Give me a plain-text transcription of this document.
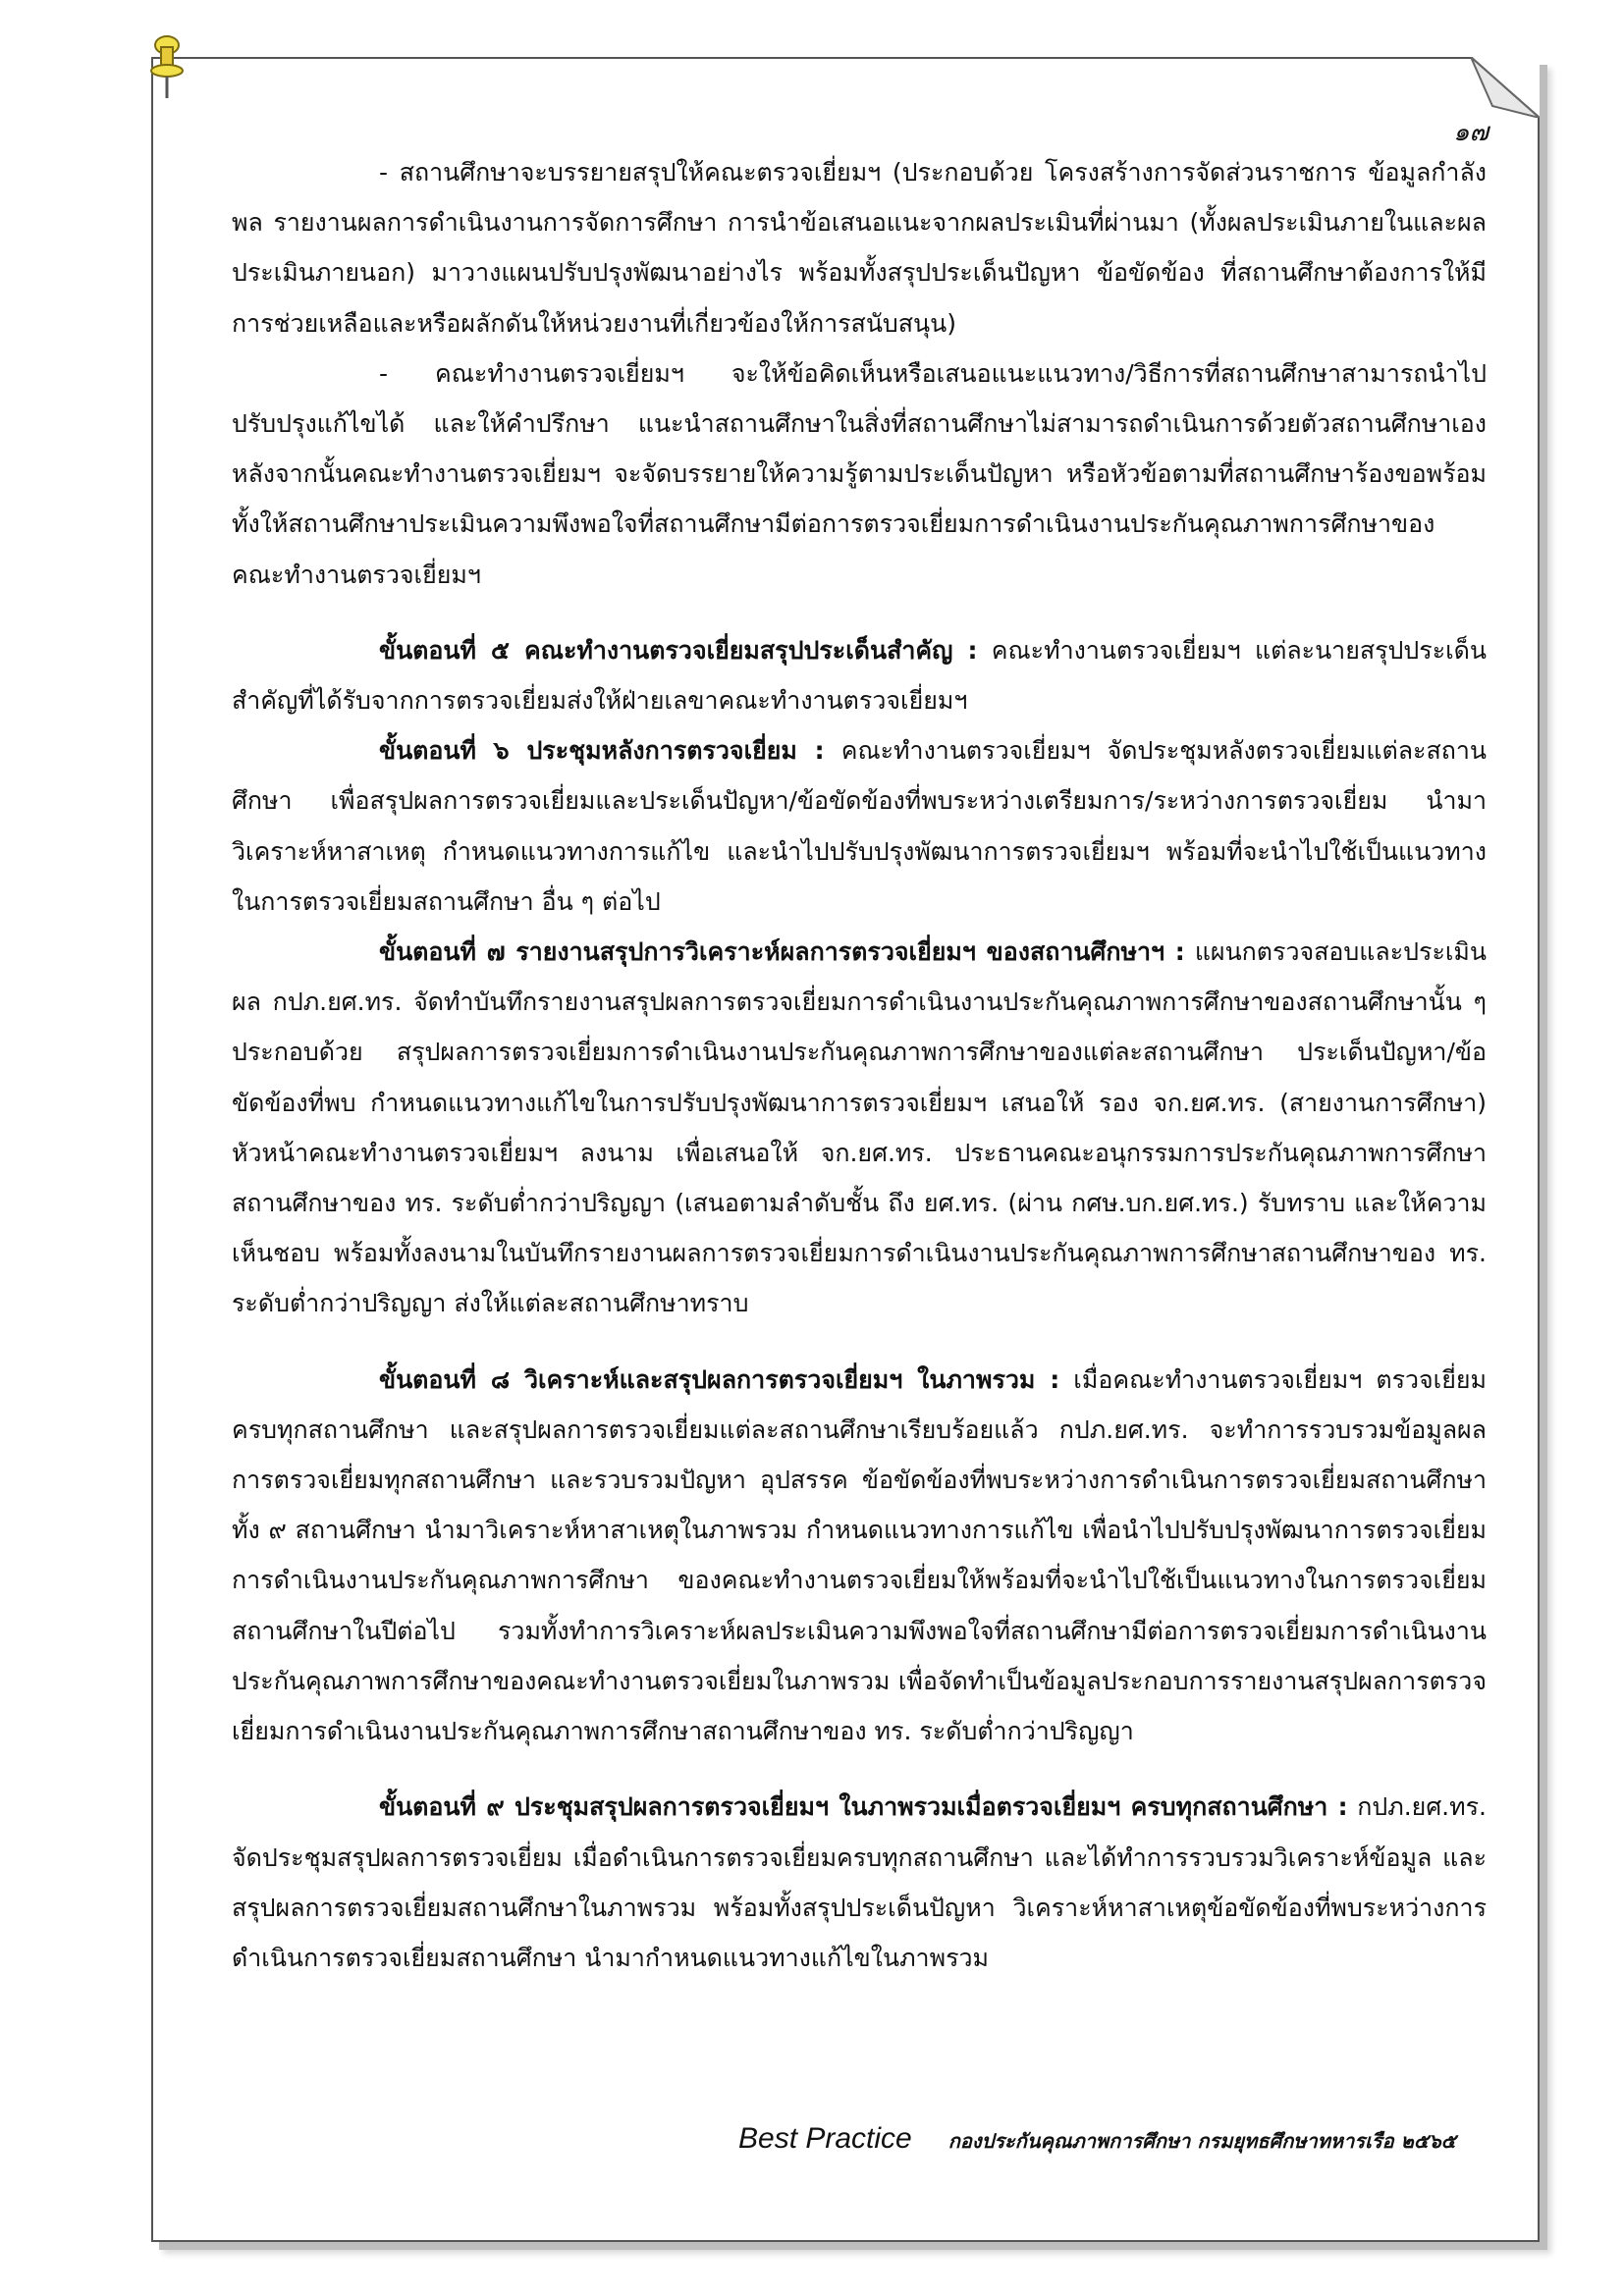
๑๗

- สถานศึกษาจะบรรยายสรุปให้คณะตรวจเยี่ยมฯ (ประกอบด้วย โครงสร้างการจัดส่วนราชการ ข้อมูลกำลังพล รายงานผลการดำเนินงานการจัดการศึกษา การนำข้อเสนอแนะจากผลประเมินที่ผ่านมา (ทั้งผลประเมินภายในและผลประเมินภายนอก) มาวางแผนปรับปรุงพัฒนาอย่างไร พร้อมทั้งสรุปประเด็นปัญหา ข้อขัดข้อง ที่สถานศึกษาต้องการให้มีการช่วยเหลือและหรือผลักดันให้หน่วยงานที่เกี่ยวข้องให้การสนับสนุน)

- คณะทำงานตรวจเยี่ยมฯ จะให้ข้อคิดเห็นหรือเสนอแนะแนวทาง/วิธีการที่สถานศึกษาสามารถนำไปปรับปรุงแก้ไขได้ และให้คำปรึกษา แนะนำสถานศึกษาในสิ่งที่สถานศึกษาไม่สามารถดำเนินการด้วยตัวสถานศึกษาเอง หลังจากนั้นคณะทำงานตรวจเยี่ยมฯ จะจัดบรรยายให้ความรู้ตามประเด็นปัญหา หรือหัวข้อตามที่สถานศึกษาร้องขอพร้อมทั้งให้สถานศึกษาประเมินความพึงพอใจที่สถานศึกษามีต่อการตรวจเยี่ยมการดำเนินงานประกันคุณภาพการศึกษาของคณะทำงานตรวจเยี่ยมฯ

ขั้นตอนที่ ๕ คณะทำงานตรวจเยี่ยมสรุปประเด็นสำคัญ : คณะทำงานตรวจเยี่ยมฯ แต่ละนายสรุปประเด็นสำคัญที่ได้รับจากการตรวจเยี่ยมส่งให้ฝ่ายเลขาคณะทำงานตรวจเยี่ยมฯ

ขั้นตอนที่ ๖ ประชุมหลังการตรวจเยี่ยม : คณะทำงานตรวจเยี่ยมฯ จัดประชุมหลังตรวจเยี่ยมแต่ละสถานศึกษา เพื่อสรุปผลการตรวจเยี่ยมและประเด็นปัญหา/ข้อขัดข้องที่พบระหว่างเตรียมการ/ระหว่างการตรวจเยี่ยม นำมาวิเคราะห์หาสาเหตุ กำหนดแนวทางการแก้ไข และนำไปปรับปรุงพัฒนาการตรวจเยี่ยมฯ พร้อมที่จะนำไปใช้เป็นแนวทางในการตรวจเยี่ยมสถานศึกษา อื่น ๆ ต่อไป

ขั้นตอนที่ ๗ รายงานสรุปการวิเคราะห์ผลการตรวจเยี่ยมฯ ของสถานศึกษาฯ : แผนกตรวจสอบและประเมินผล กปภ.ยศ.ทร. จัดทำบันทึกรายงานสรุปผลการตรวจเยี่ยมการดำเนินงานประกันคุณภาพการศึกษาของสถานศึกษานั้น ๆ ประกอบด้วย สรุปผลการตรวจเยี่ยมการดำเนินงานประกันคุณภาพการศึกษาของแต่ละสถานศึกษา ประเด็นปัญหา/ข้อขัดข้องที่พบ กำหนดแนวทางแก้ไขในการปรับปรุงพัฒนาการตรวจเยี่ยมฯ เสนอให้ รอง จก.ยศ.ทร. (สายงานการศึกษา) หัวหน้าคณะทำงานตรวจเยี่ยมฯ ลงนาม เพื่อเสนอให้ จก.ยศ.ทร. ประธานคณะอนุกรรมการประกันคุณภาพการศึกษาสถานศึกษาของ ทร. ระดับต่ำกว่าปริญญา (เสนอตามลำดับชั้น ถึง ยศ.ทร. (ผ่าน กศษ.บก.ยศ.ทร.) รับทราบ และให้ความเห็นชอบ พร้อมทั้งลงนามในบันทึกรายงานผลการตรวจเยี่ยมการดำเนินงานประกันคุณภาพการศึกษาสถานศึกษาของ ทร. ระดับต่ำกว่าปริญญา ส่งให้แต่ละสถานศึกษาทราบ

ขั้นตอนที่ ๘ วิเคราะห์และสรุปผลการตรวจเยี่ยมฯ ในภาพรวม : เมื่อคณะทำงานตรวจเยี่ยมฯ ตรวจเยี่ยมครบทุกสถานศึกษา และสรุปผลการตรวจเยี่ยมแต่ละสถานศึกษาเรียบร้อยแล้ว กปภ.ยศ.ทร. จะทำการรวบรวมข้อมูลผลการตรวจเยี่ยมทุกสถานศึกษา และรวบรวมปัญหา อุปสรรค ข้อขัดข้องที่พบระหว่างการดำเนินการตรวจเยี่ยมสถานศึกษาทั้ง ๙ สถานศึกษา นำมาวิเคราะห์หาสาเหตุในภาพรวม กำหนดแนวทางการแก้ไข เพื่อนำไปปรับปรุงพัฒนาการตรวจเยี่ยมการดำเนินงานประกันคุณภาพการศึกษา ของคณะทำงานตรวจเยี่ยมให้พร้อมที่จะนำไปใช้เป็นแนวทางในการตรวจเยี่ยมสถานศึกษาในปีต่อไป รวมทั้งทำการวิเคราะห์ผลประเมินความพึงพอใจที่สถานศึกษามีต่อการตรวจเยี่ยมการดำเนินงานประกันคุณภาพการศึกษาของคณะทำงานตรวจเยี่ยมในภาพรวม เพื่อจัดทำเป็นข้อมูลประกอบการรายงานสรุปผลการตรวจเยี่ยมการดำเนินงานประกันคุณภาพการศึกษาสถานศึกษาของ ทร. ระดับต่ำกว่าปริญญา

ขั้นตอนที่ ๙ ประชุมสรุปผลการตรวจเยี่ยมฯ ในภาพรวมเมื่อตรวจเยี่ยมฯ ครบทุกสถานศึกษา : กปภ.ยศ.ทร. จัดประชุมสรุปผลการตรวจเยี่ยม เมื่อดำเนินการตรวจเยี่ยมครบทุกสถานศึกษา และได้ทำการรวบรวมวิเคราะห์ข้อมูล และสรุปผลการตรวจเยี่ยมสถานศึกษาในภาพรวม พร้อมทั้งสรุปประเด็นปัญหา วิเคราะห์หาสาเหตุข้อขัดข้องที่พบระหว่างการดำเนินการตรวจเยี่ยมสถานศึกษา นำมากำหนดแนวทางแก้ไขในภาพรวม

Best Practice กองประกันคุณภาพการศึกษา กรมยุทธศึกษาทหารเรือ ๒๕๖๕
